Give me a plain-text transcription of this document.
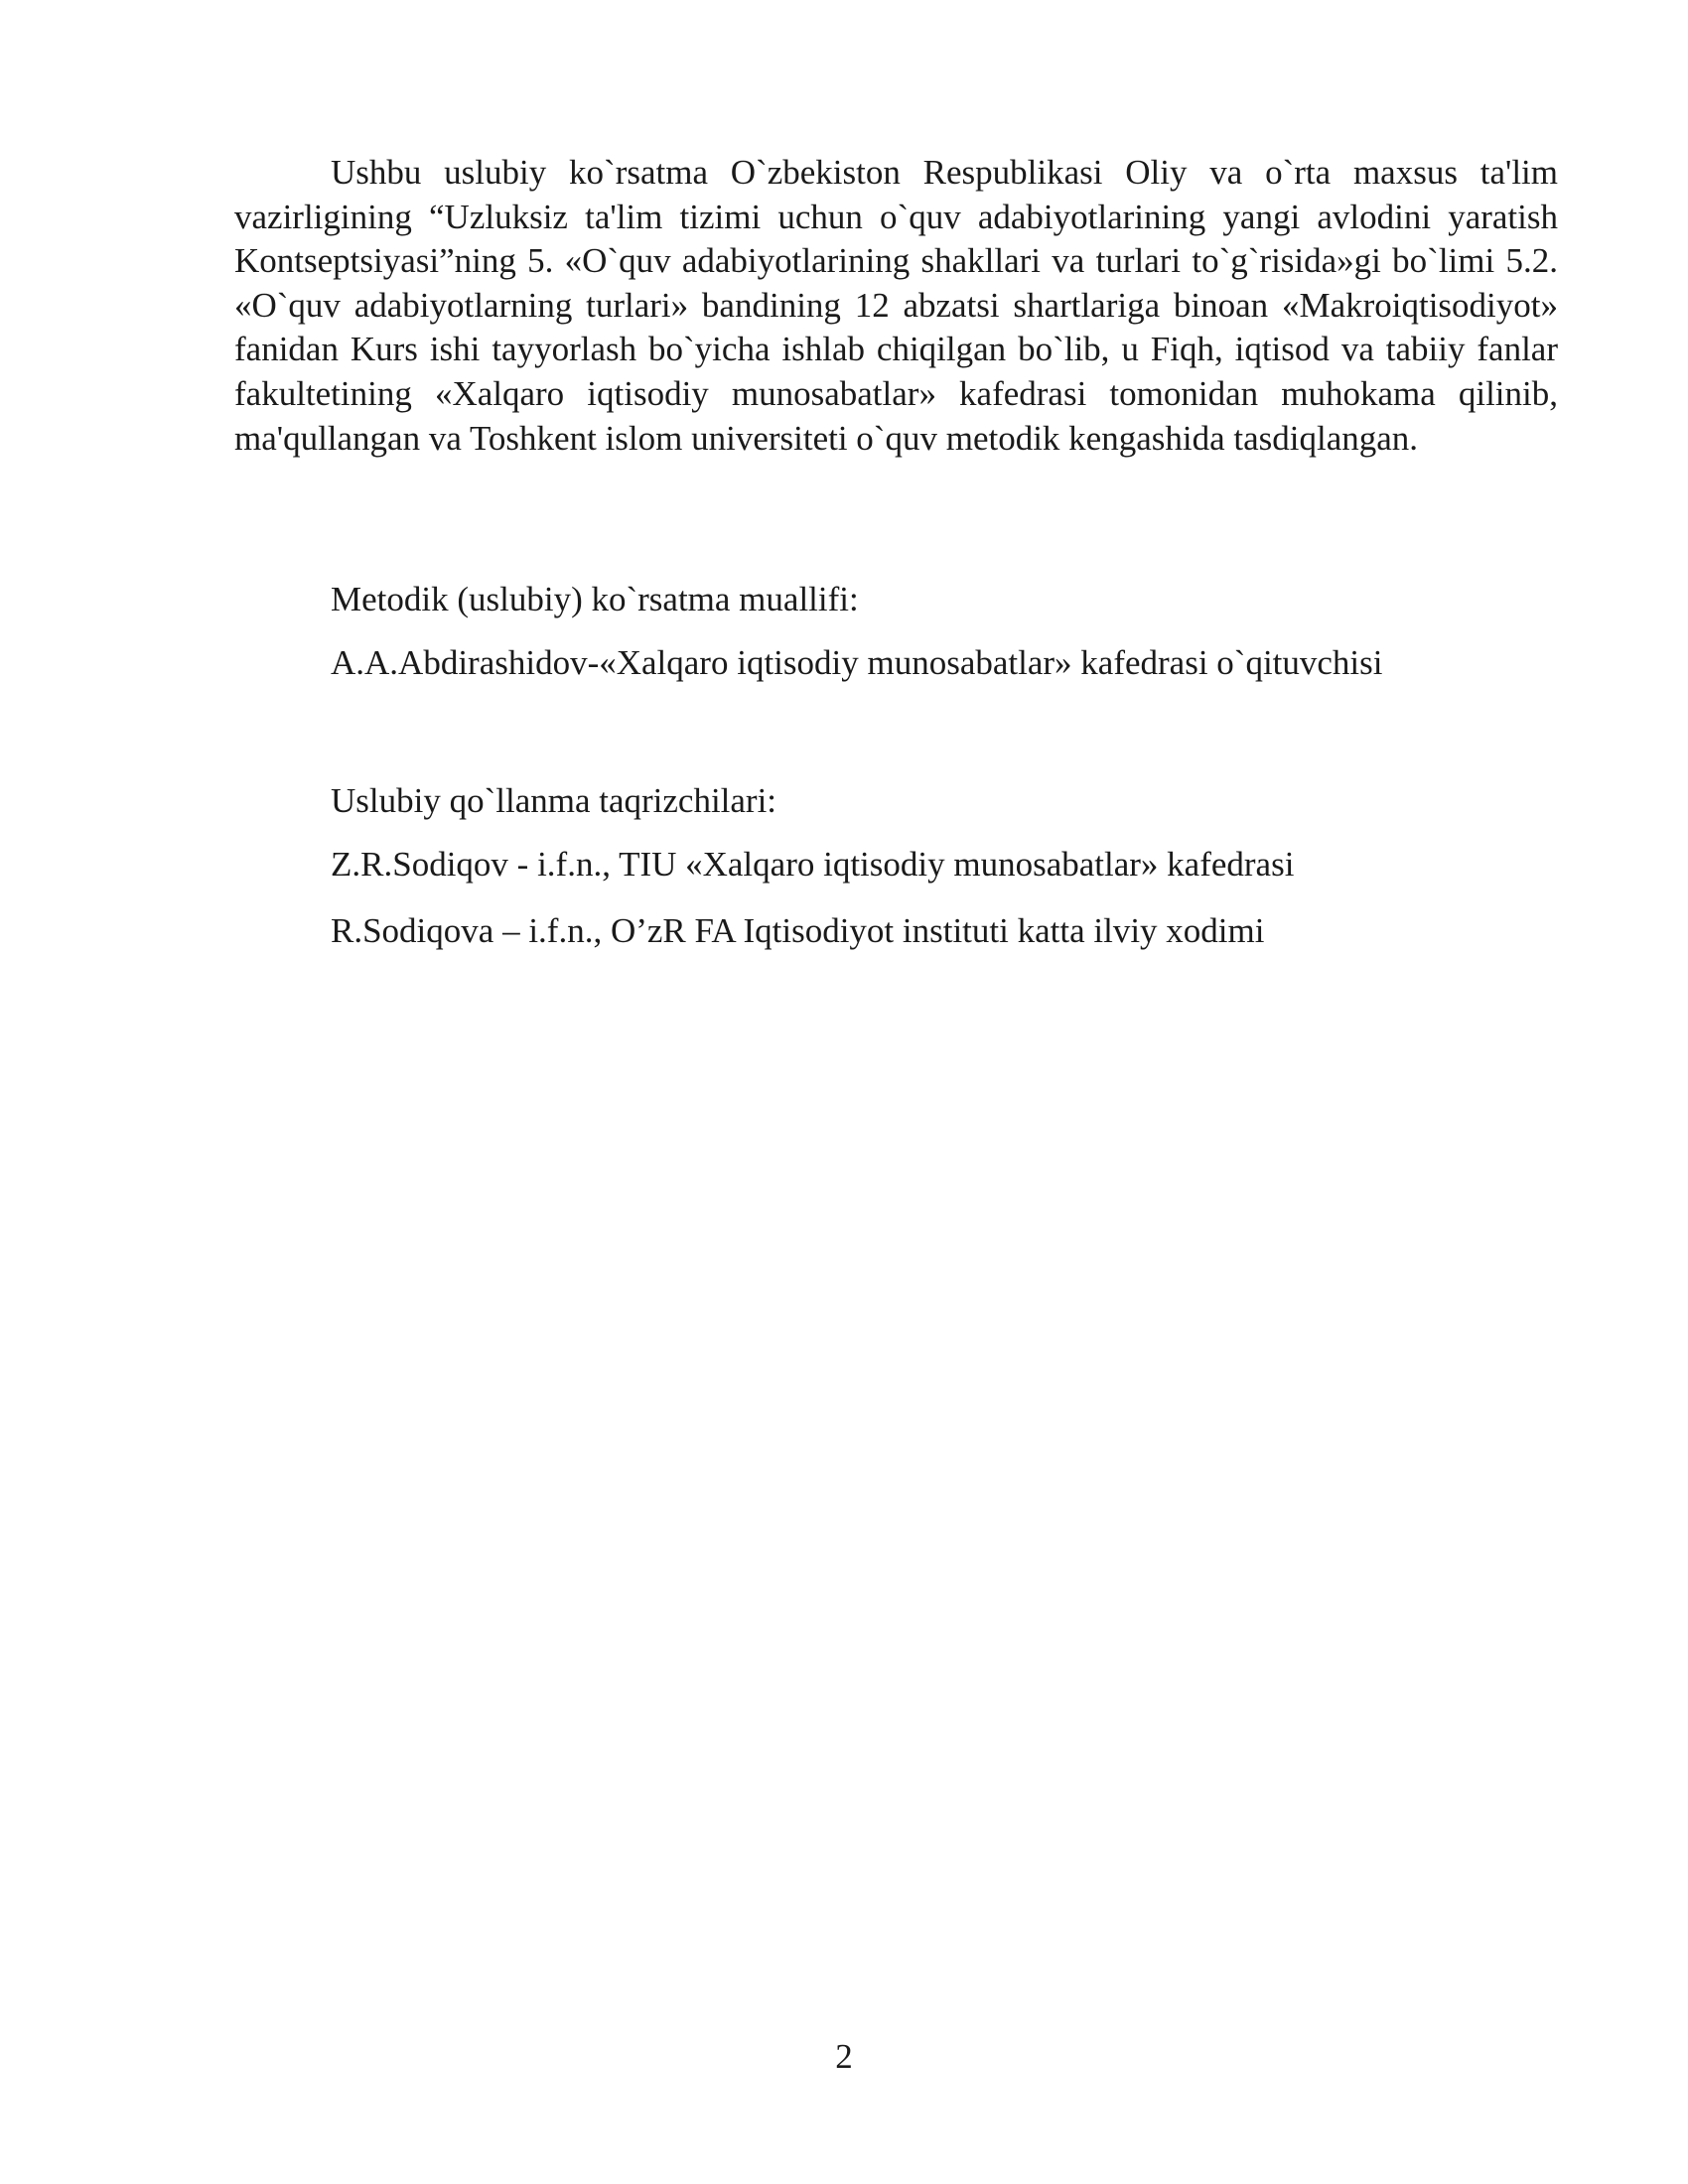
Ushbu uslubiy ko`rsatma O`zbekiston Respublikasi Oliy va o`rta maxsus ta'lim vazirligining “Uzluksiz ta'lim tizimi uchun o`quv adabiyotlarining yangi avlodini yaratish Kontseptsiyasi”ning 5. «O`quv adabiyotlarining shakllari va turlari to`g`risida»gi bo`limi 5.2. «O`quv adabiyotlarning turlari» bandining 12 abzatsi shartlariga binoan «Makroiqtisodiyot» fanidan Kurs ishi tayyorlash bo`yicha ishlab chiqilgan bo`lib, u Fiqh, iqtisod va tabiiy fanlar fakultetining «Xalqaro iqtisodiy munosabatlar» kafedrasi tomonidan muhokama qilinib, ma'qullangan va Toshkent islom universiteti o`quv metodik kengashida tasdiqlangan.

Metodik (uslubiy) ko`rsatma muallifi:

A.A.Abdirashidov-«Xalqaro iqtisodiy munosabatlar» kafedrasi o`qituvchisi

Uslubiy qo`llanma taqrizchilari:

Z.R.Sodiqov - i.f.n., TIU «Xalqaro iqtisodiy munosabatlar» kafedrasi

R.Sodiqova – i.f.n., O’zR FA Iqtisodiyot instituti katta ilviy xodimi

2
